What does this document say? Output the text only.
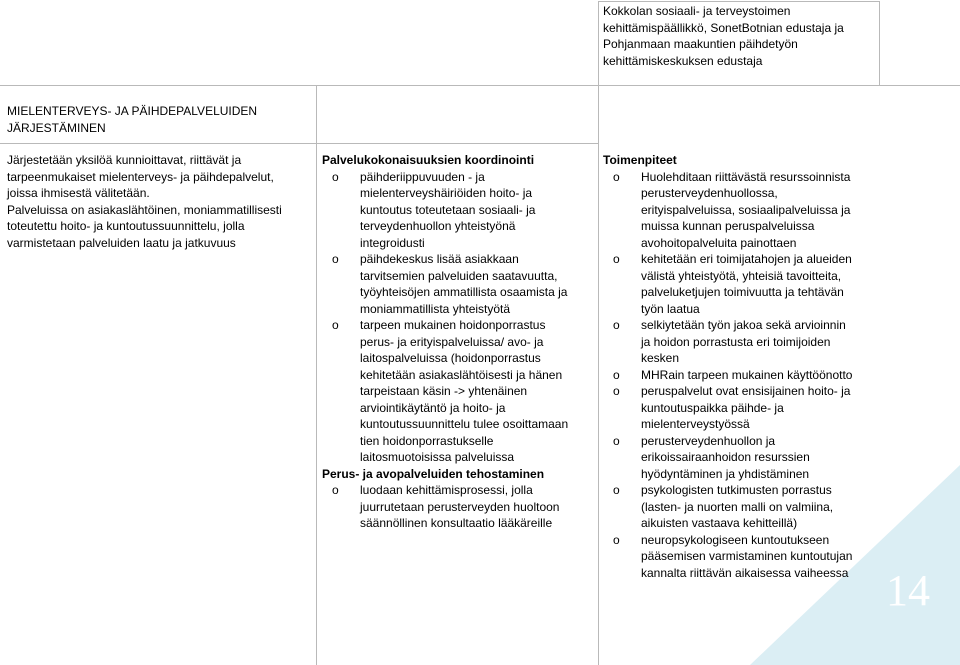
14
Kokkolan sosiaali- ja terveystoimen
kehittämispäällikkö, SonetBotnian edustaja ja
Pohjanmaan maakuntien päihdetyön
kehittämiskeskuksen edustaja
MIELENTERVEYS- JA PÄIHDEPALVELUIDEN
JÄRJESTÄMINEN
Järjestetään yksilöä kunnioittavat, riittävät ja
tarpeenmukaiset mielenterveys- ja päihdepalvelut,
joissa ihmisestä välitetään.
Palveluissa on asiakaslähtöinen, moniammatillisesti
toteutettu hoito- ja kuntoutussuunnittelu, jolla
varmistetaan palveluiden laatu ja jatkuvuus
Palvelukokonaisuuksien koordinointi
o päihderiippuvuuden - ja
mielenterveyshäiriöiden hoito- ja
kuntoutus toteutetaan sosiaali- ja
terveydenhuollon yhteistyönä
integroidusti
o päihdekeskus lisää asiakkaan
tarvitsemien palveluiden saatavuutta,
työyhteisöjen ammatillista osaamista ja
moniammatillista yhteistyötä
o tarpeen mukainen hoidonporrastus
perus- ja erityispalveluissa/ avo- ja
laitospalveluissa (hoidonporrastus
kehitetään asiakaslähtöisesti ja hänen
tarpeistaan käsin -> yhtenäinen
arviointikäytäntö ja hoito- ja
kuntoutussuunnittelu tulee osoittamaan
tien hoidonporrastukselle
laitosmuotoisissa palveluissa
Perus- ja avopalveluiden tehostaminen
o luodaan kehittämisprosessi, jolla
juurrutetaan perusterveyden huoltoon
säännöllinen konsultaatio lääkäreille
Toimenpiteet
o Huolehditaan riittävästä resurssoinnista
perusterveydenhuollossa,
erityispalveluissa, sosiaalipalveluissa ja
muissa kunnan peruspalveluissa
avohoitopalveluita painottaen
o kehitetään eri toimijatahojen ja alueiden
välistä yhteistyötä, yhteisiä tavoitteita,
palveluketjujen toimivuutta ja tehtävän
työn laatua
o selkiytetään työn jakoa sekä arvioinnin
ja hoidon porrastusta eri toimijoiden
kesken
o MHRain tarpeen mukainen käyttöönotto
o peruspalvelut ovat ensisijainen hoito- ja
kuntoutuspaikka päihde- ja
mielenterveystyössä
o perusterveydenhuollon ja
erikoissairaanhoidon resurssien
hyödyntäminen ja yhdistäminen
o psykologisten tutkimusten porrastus
(lasten- ja nuorten malli on valmiina,
aikuisten vastaava kehitteillä)
o neuropsykologiseen kuntoutukseen
pääsemisen varmistaminen kuntoutujan
kannalta riittävän aikaisessa vaiheessa
